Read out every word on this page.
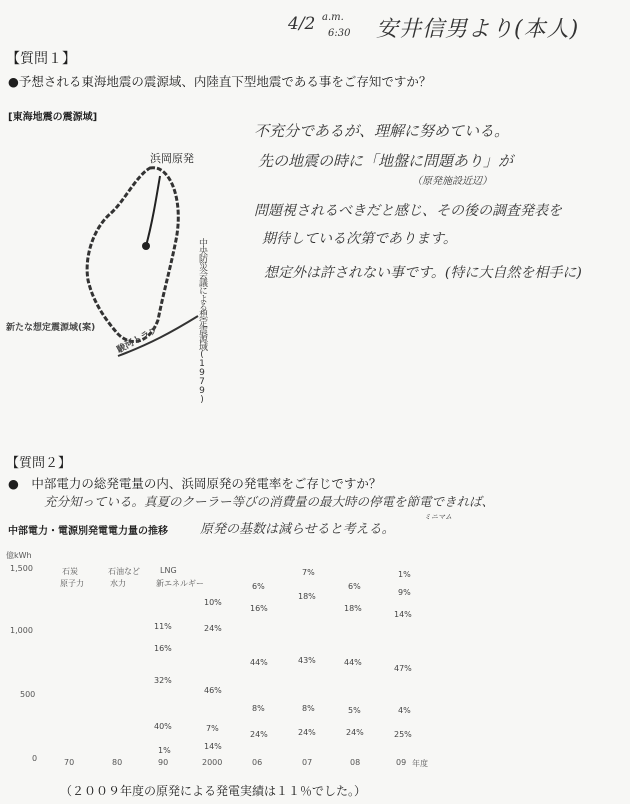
4/2 a.m.
6:30 安井信男より(本人)
【質問１】
●予想される東海地震の震源域、内陸直下型地震である事をご存知ですか？
[東海地震の震源域]
浜岡原発
中央防災会議による想定震源域(1979)
新たな想定震源域(案) 駿河トラフ
不充分であるが、理解に努めている。
先の地震の時に「地盤に問題あり」が
（原発施設近辺）
問題視されるべきだと感じ、その後の調査発表を
期待している次第であります。
想定外は許されない事です。(特に大自然を相手に)
【質問２】
●　中部電力の総発電量の内、浜岡原発の発電率をご存じですか？
充分知っている。真夏のクーラー等びの消費量の最大時の停電を節電できれば、
ミニマム
原発の基数は減らせると考える。
中部電力・電源別発電電力量の推移
億kWh
1,500
1,000
500
0
石炭
原子力
石油など
水力
LNG
新エネルギー
11%
16%
32%
40%
1%
10%
24%
46%
7%
14%
6%
16%
44%
8%
24%
7%
18%
43%
8%
24%
6%
18%
44%
5%
24%
1%
9%
14%
47%
4%
25%
70	80	90	2000	06	07	08	09 年度
（２００９年度の原発による発電実績は１１％でした。）
